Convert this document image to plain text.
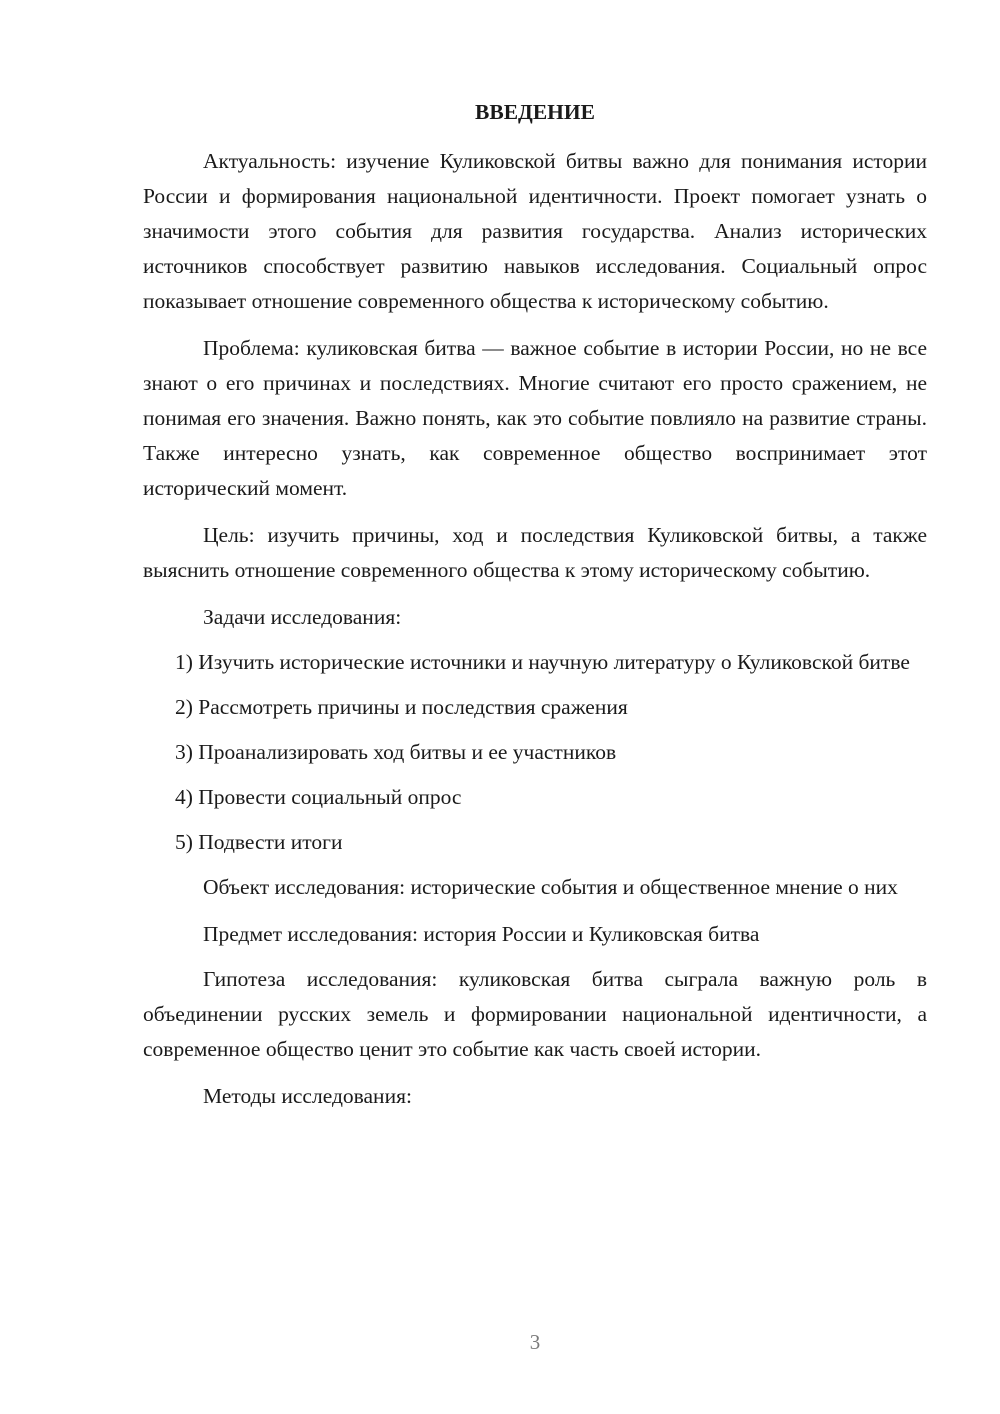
ВВЕДЕНИЕ

Актуальность: изучение Куликовской битвы важно для понимания истории России и формирования национальной идентичности. Проект помогает узнать о значимости этого события для развития государства. Анализ исторических источников способствует развитию навыков исследования. Социальный опрос показывает отношение современного общества к историческому событию.

Проблема: куликовская битва — важное событие в истории России, но не все знают о его причинах и последствиях. Многие считают его просто сражением, не понимая его значения. Важно понять, как это событие повлияло на развитие страны. Также интересно узнать, как современное общество воспринимает этот исторический момент.

Цель: изучить причины, ход и последствия Куликовской битвы, а также выяснить отношение современного общества к этому историческому событию.

Задачи исследования:

1) Изучить исторические источники и научную литературу о Куликовской битве

2) Рассмотреть причины и последствия сражения

3) Проанализировать ход битвы и ее участников

4) Провести социальный опрос

5) Подвести итоги

Объект исследования: исторические события и общественное мнение о них

Предмет исследования: история России и Куликовская битва

Гипотеза исследования: куликовская битва сыграла важную роль в объединении русских земель и формировании национальной идентичности, а современное общество ценит это событие как часть своей истории.

Методы исследования:

3
